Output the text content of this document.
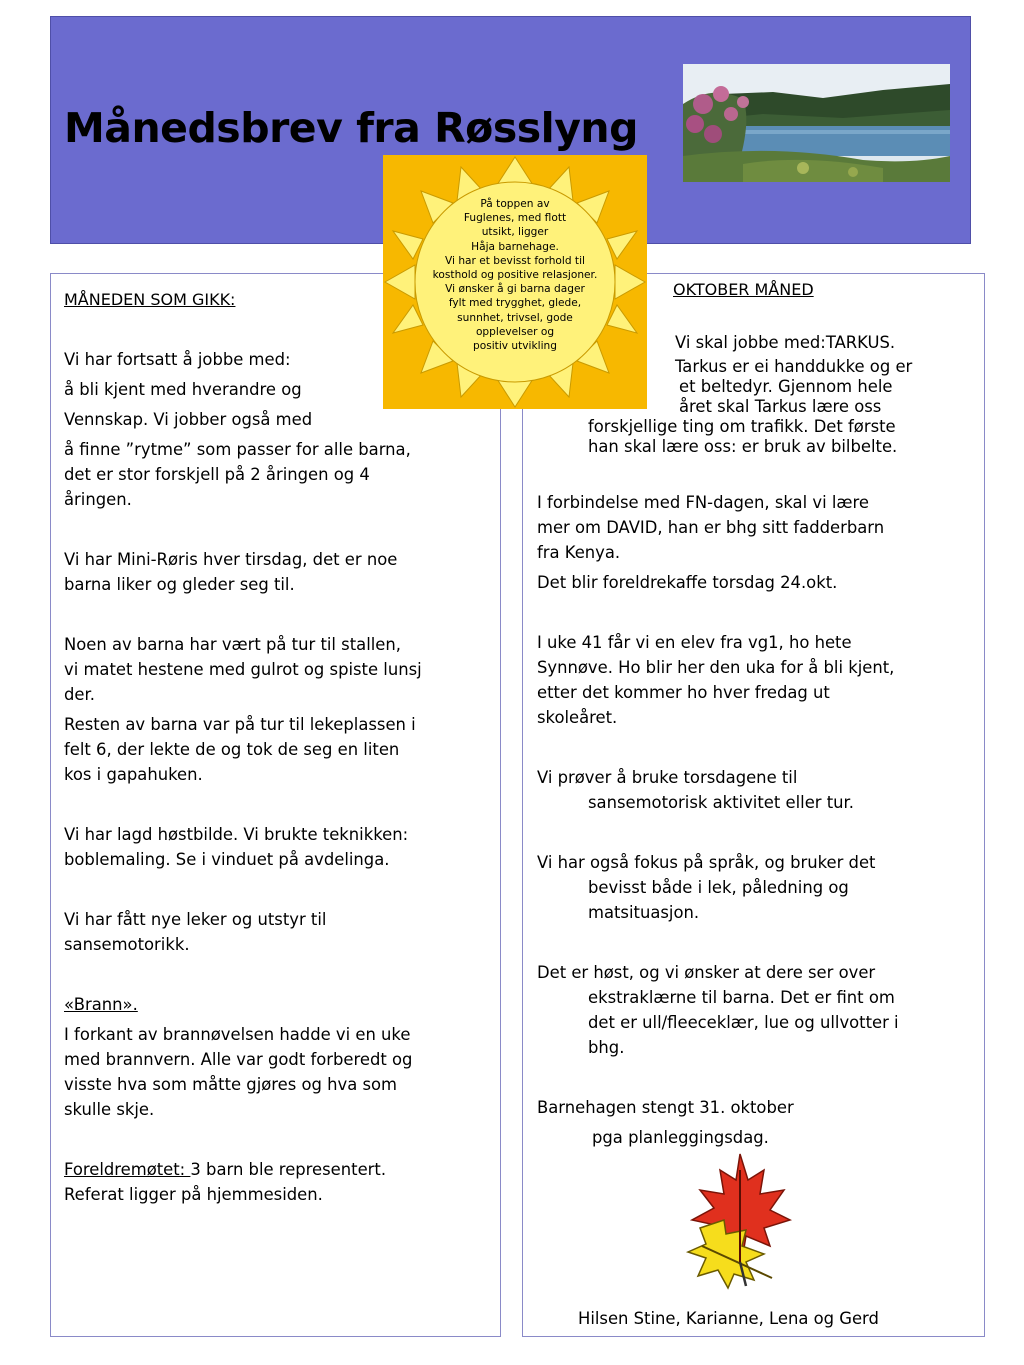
Månedsbrev fra Røsslyng

MÅNEDEN SOM GIKK:

Vi har fortsatt å jobbe med:

å bli kjent med hverandre og

Vennskap. Vi jobber også med

å finne ”rytme” som passer for alle barna,

det er stor forskjell på 2 åringen og 4

åringen.

Vi har Mini-Røris hver tirsdag, det er noe

barna liker og gleder seg til.

Noen av barna har vært på tur til stallen,

vi matet hestene med gulrot og spiste lunsj

der.

Resten av barna var på tur til lekeplassen i

felt 6, der lekte de og tok de seg en liten

kos i gapahuken.

Vi har lagd høstbilde. Vi brukte teknikken:

boblemaling. Se i vinduet på avdelinga.

Vi har fått nye leker og utstyr til

sansemotorikk.

«Brann».

I forkant av brannøvelsen hadde vi en uke

med brannvern. Alle var godt forberedt og

visste hva som måtte gjøres og hva som

skulle skje.

Foreldremøtet: 3 barn ble representert.

Referat ligger på hjemmesiden.

OKTOBER MÅNED

Vi skal jobbe med:TARKUS.

Tarkus er ei handdukke og er

et beltedyr. Gjennom hele

året skal Tarkus lære oss

forskjellige ting om trafikk. Det første

han skal lære oss: er bruk av bilbelte.

I forbindelse med FN-dagen, skal vi lære

mer om DAVID, han er bhg sitt fadderbarn

fra Kenya.

Det blir foreldrekaffe torsdag 24.okt.

I uke 41 får vi en elev fra vg1, ho hete

Synnøve. Ho blir her den uka for å bli kjent,

etter det kommer ho hver fredag ut

skoleåret.

Vi prøver å bruke torsdagene til

sansemotorisk aktivitet eller tur.

Vi har også fokus på språk, og bruker det

bevisst både i lek, påledning og

matsituasjon.

Det er høst, og vi ønsker at dere ser over

ekstraklærne til barna. Det er fint om

det er ull/fleeceklær, lue og ullvotter i

bhg.

Barnehagen stengt 31. oktober

pga planleggingsdag.

Hilsen Stine, Karianne, Lena og Gerd

På toppen av
Fuglenes, med flott
utsikt, ligger
Håja barnehage.
Vi har et bevisst forhold til
kosthold og positive relasjoner.
Vi ønsker å gi barna dager
fylt med trygghet, glede,
sunnhet, trivsel, gode
opplevelser og
positiv utvikling
